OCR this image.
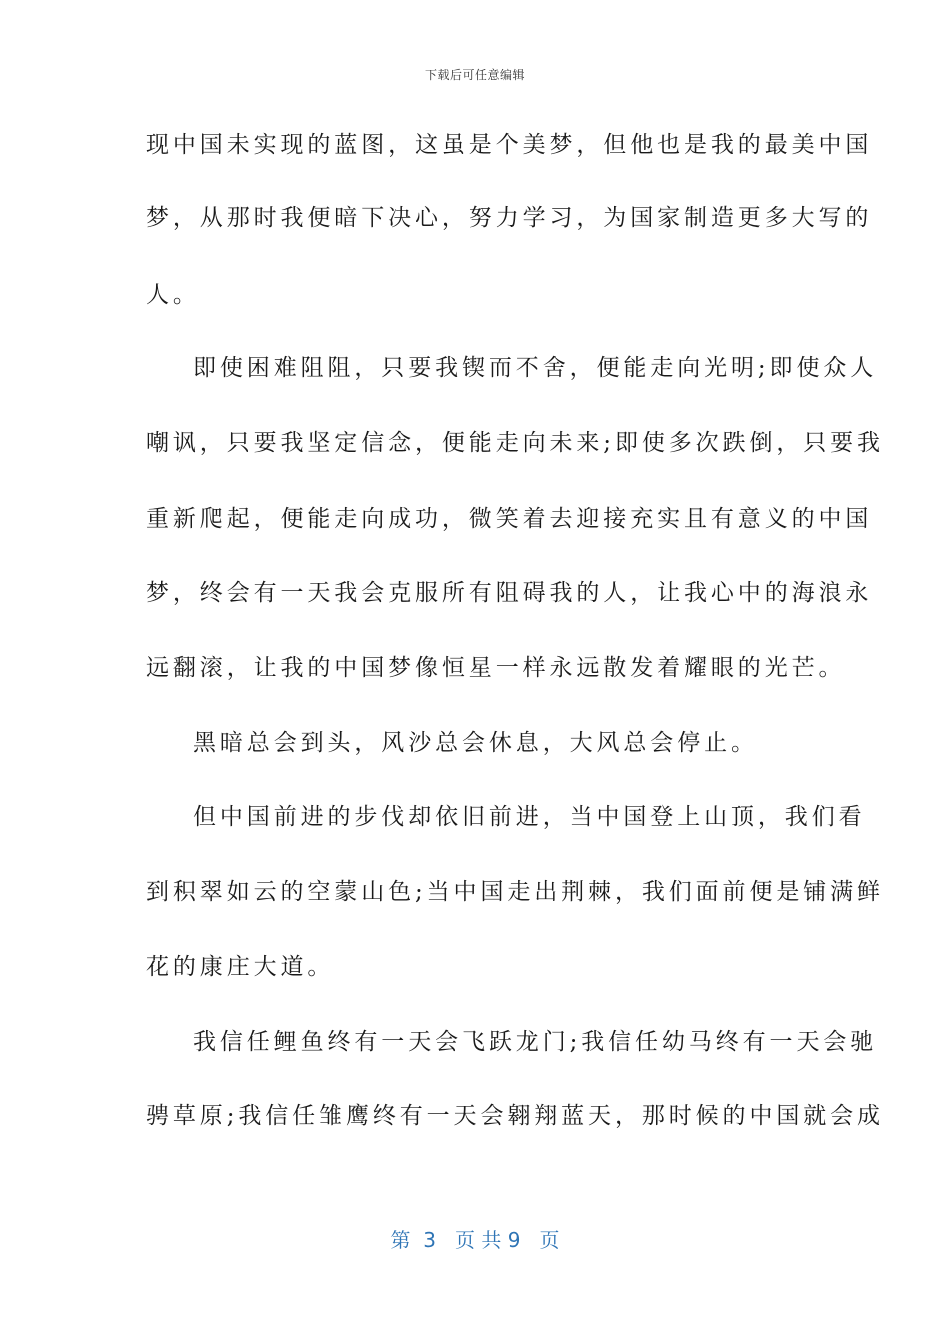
下载后可任意编辑
现中国未实现的蓝图，这虽是个美梦，但他也是我的最美中国
梦，从那时我便暗下决心，努力学习，为国家制造更多大写的
人。
即使困难阻阻，只要我锲而不舍，便能走向光明;即使众人
嘲讽，只要我坚定信念，便能走向未来;即使多次跌倒，只要我
重新爬起，便能走向成功，微笑着去迎接充实且有意义的中国
梦，终会有一天我会克服所有阻碍我的人，让我心中的海浪永
远翻滚，让我的中国梦像恒星一样永远散发着耀眼的光芒。
黑暗总会到头，风沙总会休息，大风总会停止。
但中国前进的步伐却依旧前进，当中国登上山顶，我们看
到积翠如云的空蒙山色;当中国走出荆棘，我们面前便是铺满鲜
花的康庄大道。
我信任鲤鱼终有一天会飞跃龙门;我信任幼马终有一天会驰
骋草原;我信任雏鹰终有一天会翱翔蓝天，那时候的中国就会成
第  3   页 共 9   页
